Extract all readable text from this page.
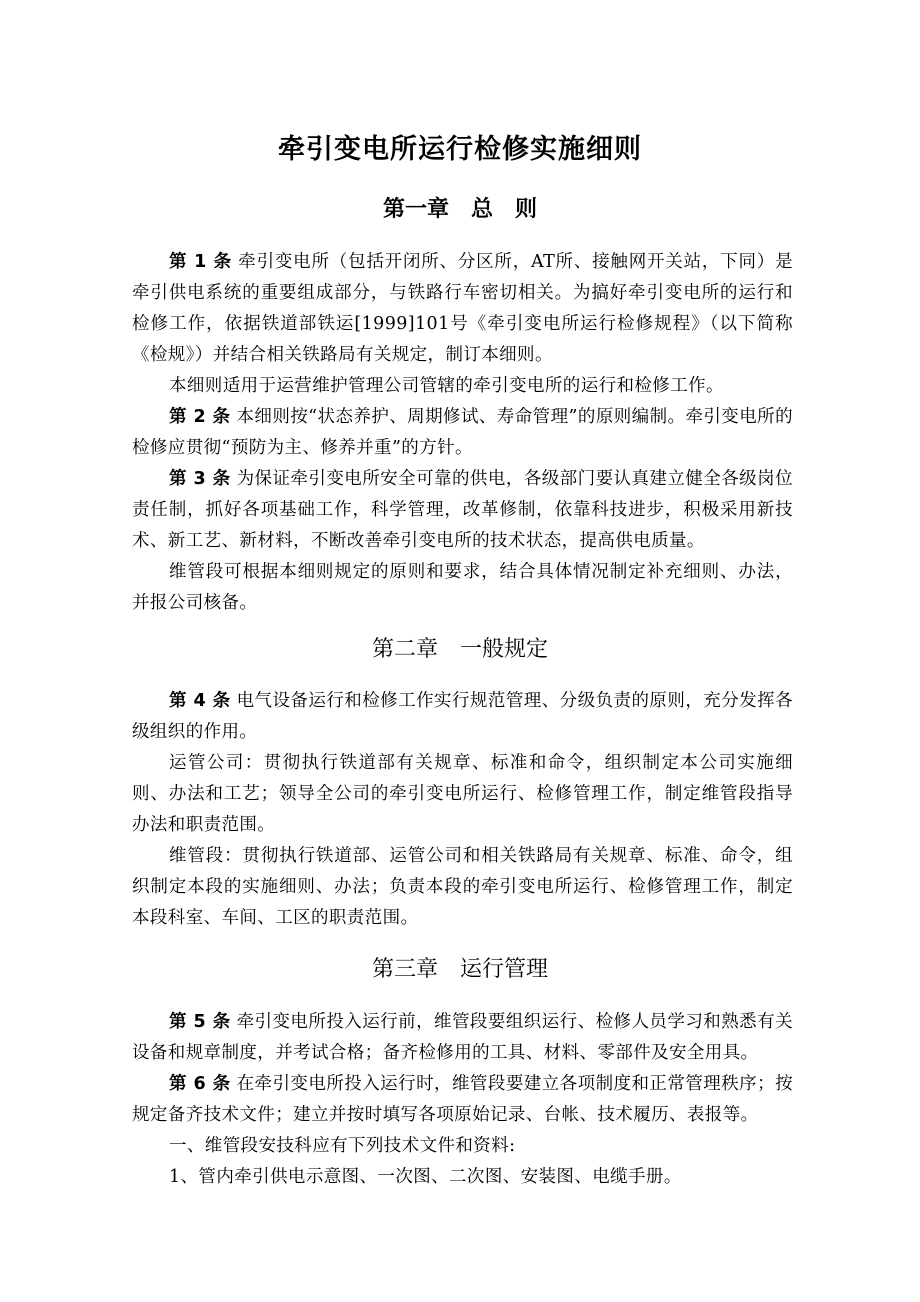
牵引变电所运行检修实施细则
第一章　总　则

第 1 条 牵引变电所（包括开闭所、分区所，AT所、接触网开关站，下同）是牵引供电系统的重要组成部分，与铁路行车密切相关。为搞好牵引变电所的运行和检修工作，依据铁道部铁运[1999]101号《牵引变电所运行检修规程》（以下简称《检规》）并结合相关铁路局有关规定，制订本细则。

本细则适用于运营维护管理公司管辖的牵引变电所的运行和检修工作。

第 2 条 本细则按“状态养护、周期修试、寿命管理”的原则编制。牵引变电所的检修应贯彻“预防为主、修养并重”的方针。

第 3 条 为保证牵引变电所安全可靠的供电，各级部门要认真建立健全各级岗位责任制，抓好各项基础工作，科学管理，改革修制，依靠科技进步，积极采用新技术、新工艺、新材料，不断改善牵引变电所的技术状态，提高供电质量。

维管段可根据本细则规定的原则和要求，结合具体情况制定补充细则、办法，并报公司核备。

第二章　一般规定

第 4 条 电气设备运行和检修工作实行规范管理、分级负责的原则，充分发挥各级组织的作用。

运管公司：贯彻执行铁道部有关规章、标准和命令，组织制定本公司实施细则、办法和工艺；领导全公司的牵引变电所运行、检修管理工作，制定维管段指导办法和职责范围。

维管段：贯彻执行铁道部、运管公司和相关铁路局有关规章、标准、命令，组织制定本段的实施细则、办法；负责本段的牵引变电所运行、检修管理工作，制定本段科室、车间、工区的职责范围。

第三章　运行管理

第 5 条 牵引变电所投入运行前，维管段要组织运行、检修人员学习和熟悉有关设备和规章制度，并考试合格；备齐检修用的工具、材料、零部件及安全用具。

第 6 条 在牵引变电所投入运行时，维管段要建立各项制度和正常管理秩序；按规定备齐技术文件；建立并按时填写各项原始记录、台帐、技术履历、表报等。

一、维管段安技科应有下列技术文件和资料:

1、管内牵引供电示意图、一次图、二次图、安装图、电缆手册。
